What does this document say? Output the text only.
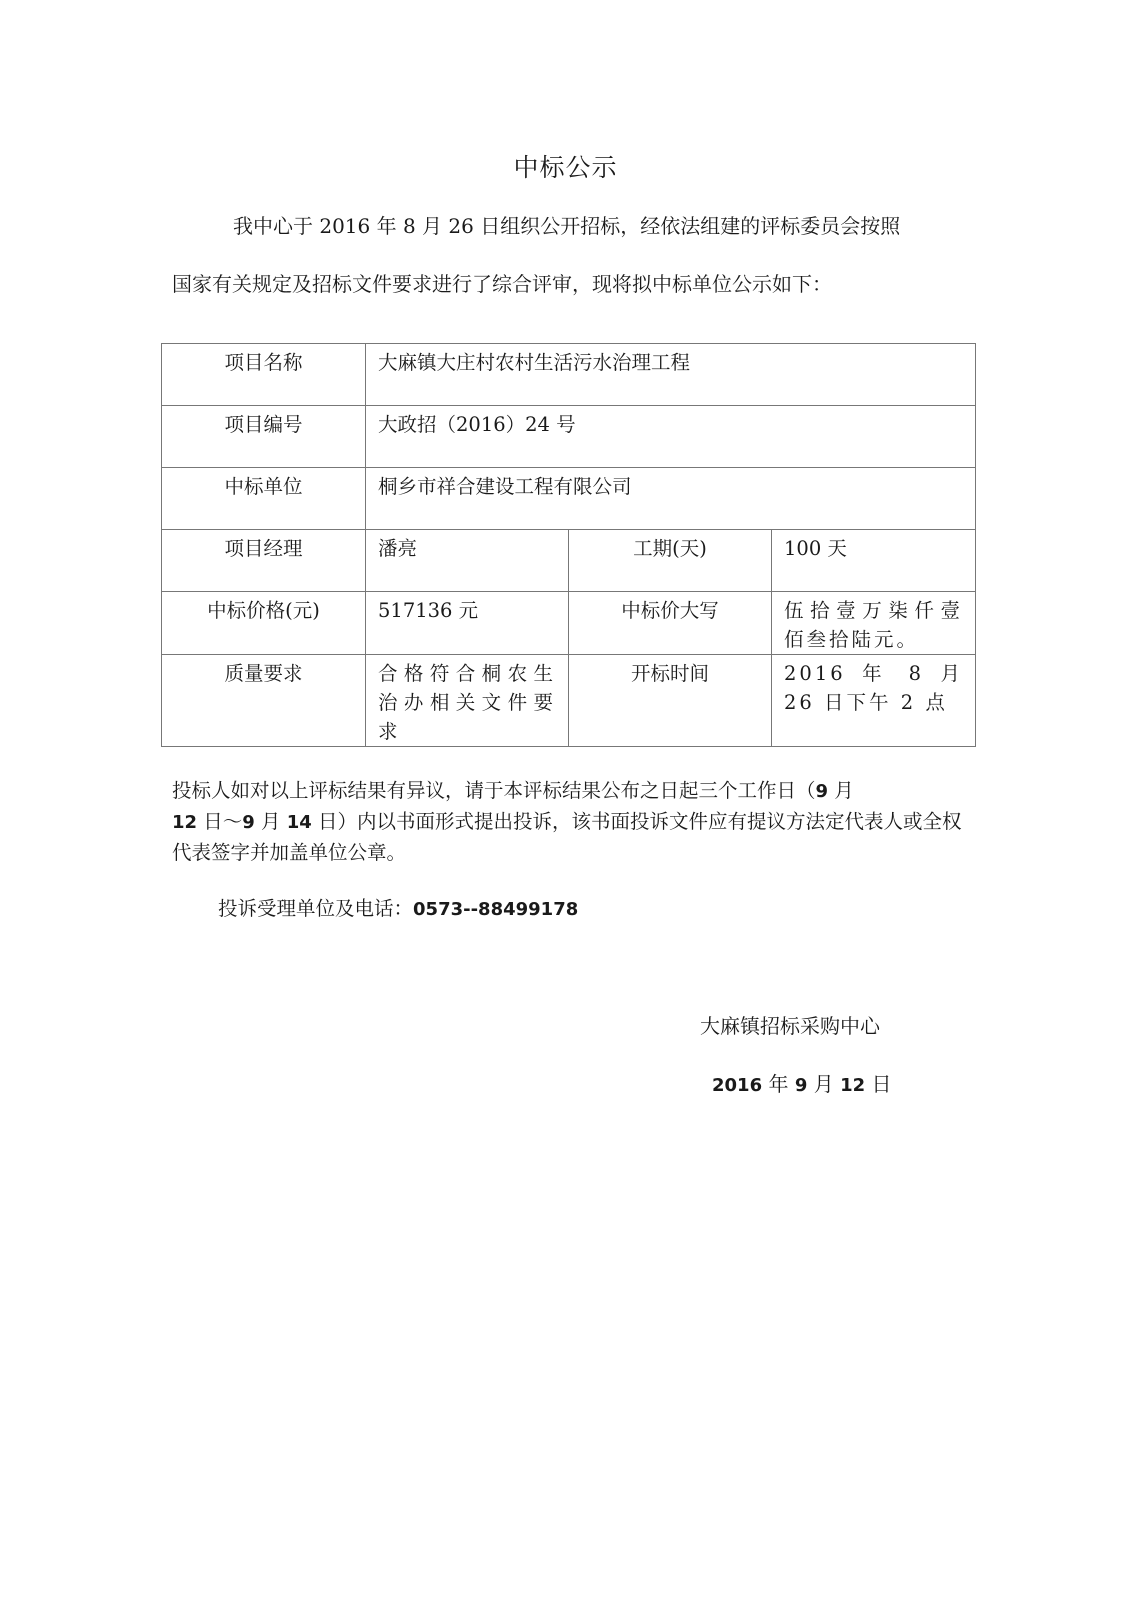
中标公示
我中心于 2016 年 8 月 26 日组织公开招标，经依法组建的评标委员会按照
国家有关规定及招标文件要求进行了综合评审，现将拟中标单位公示如下：
项目名称	大麻镇大庄村农村生活污水治理工程		
项目编号	大政招（2016）24 号		
中标单位	桐乡市祥合建设工程有限公司		
项目经理	潘亮	工期(天)	100 天
中标价格(元)	517136 元	中标价大写	伍拾壹万柒仟壹佰叁拾陆元。
质量要求	合格符合桐农生治办相关文件要求	开标时间	2016 年 8 月 26 日下午 2 点
投标人如对以上评标结果有异议，请于本评标结果公布之日起三个工作日（9 月
12 日～9 月 14 日）内以书面形式提出投诉，该书面投诉文件应有提议方法定代表人或全权代表签字并加盖单位公章。
投诉受理单位及电话：0573--88499178
大麻镇招标采购中心
2016 年 9 月 12 日
